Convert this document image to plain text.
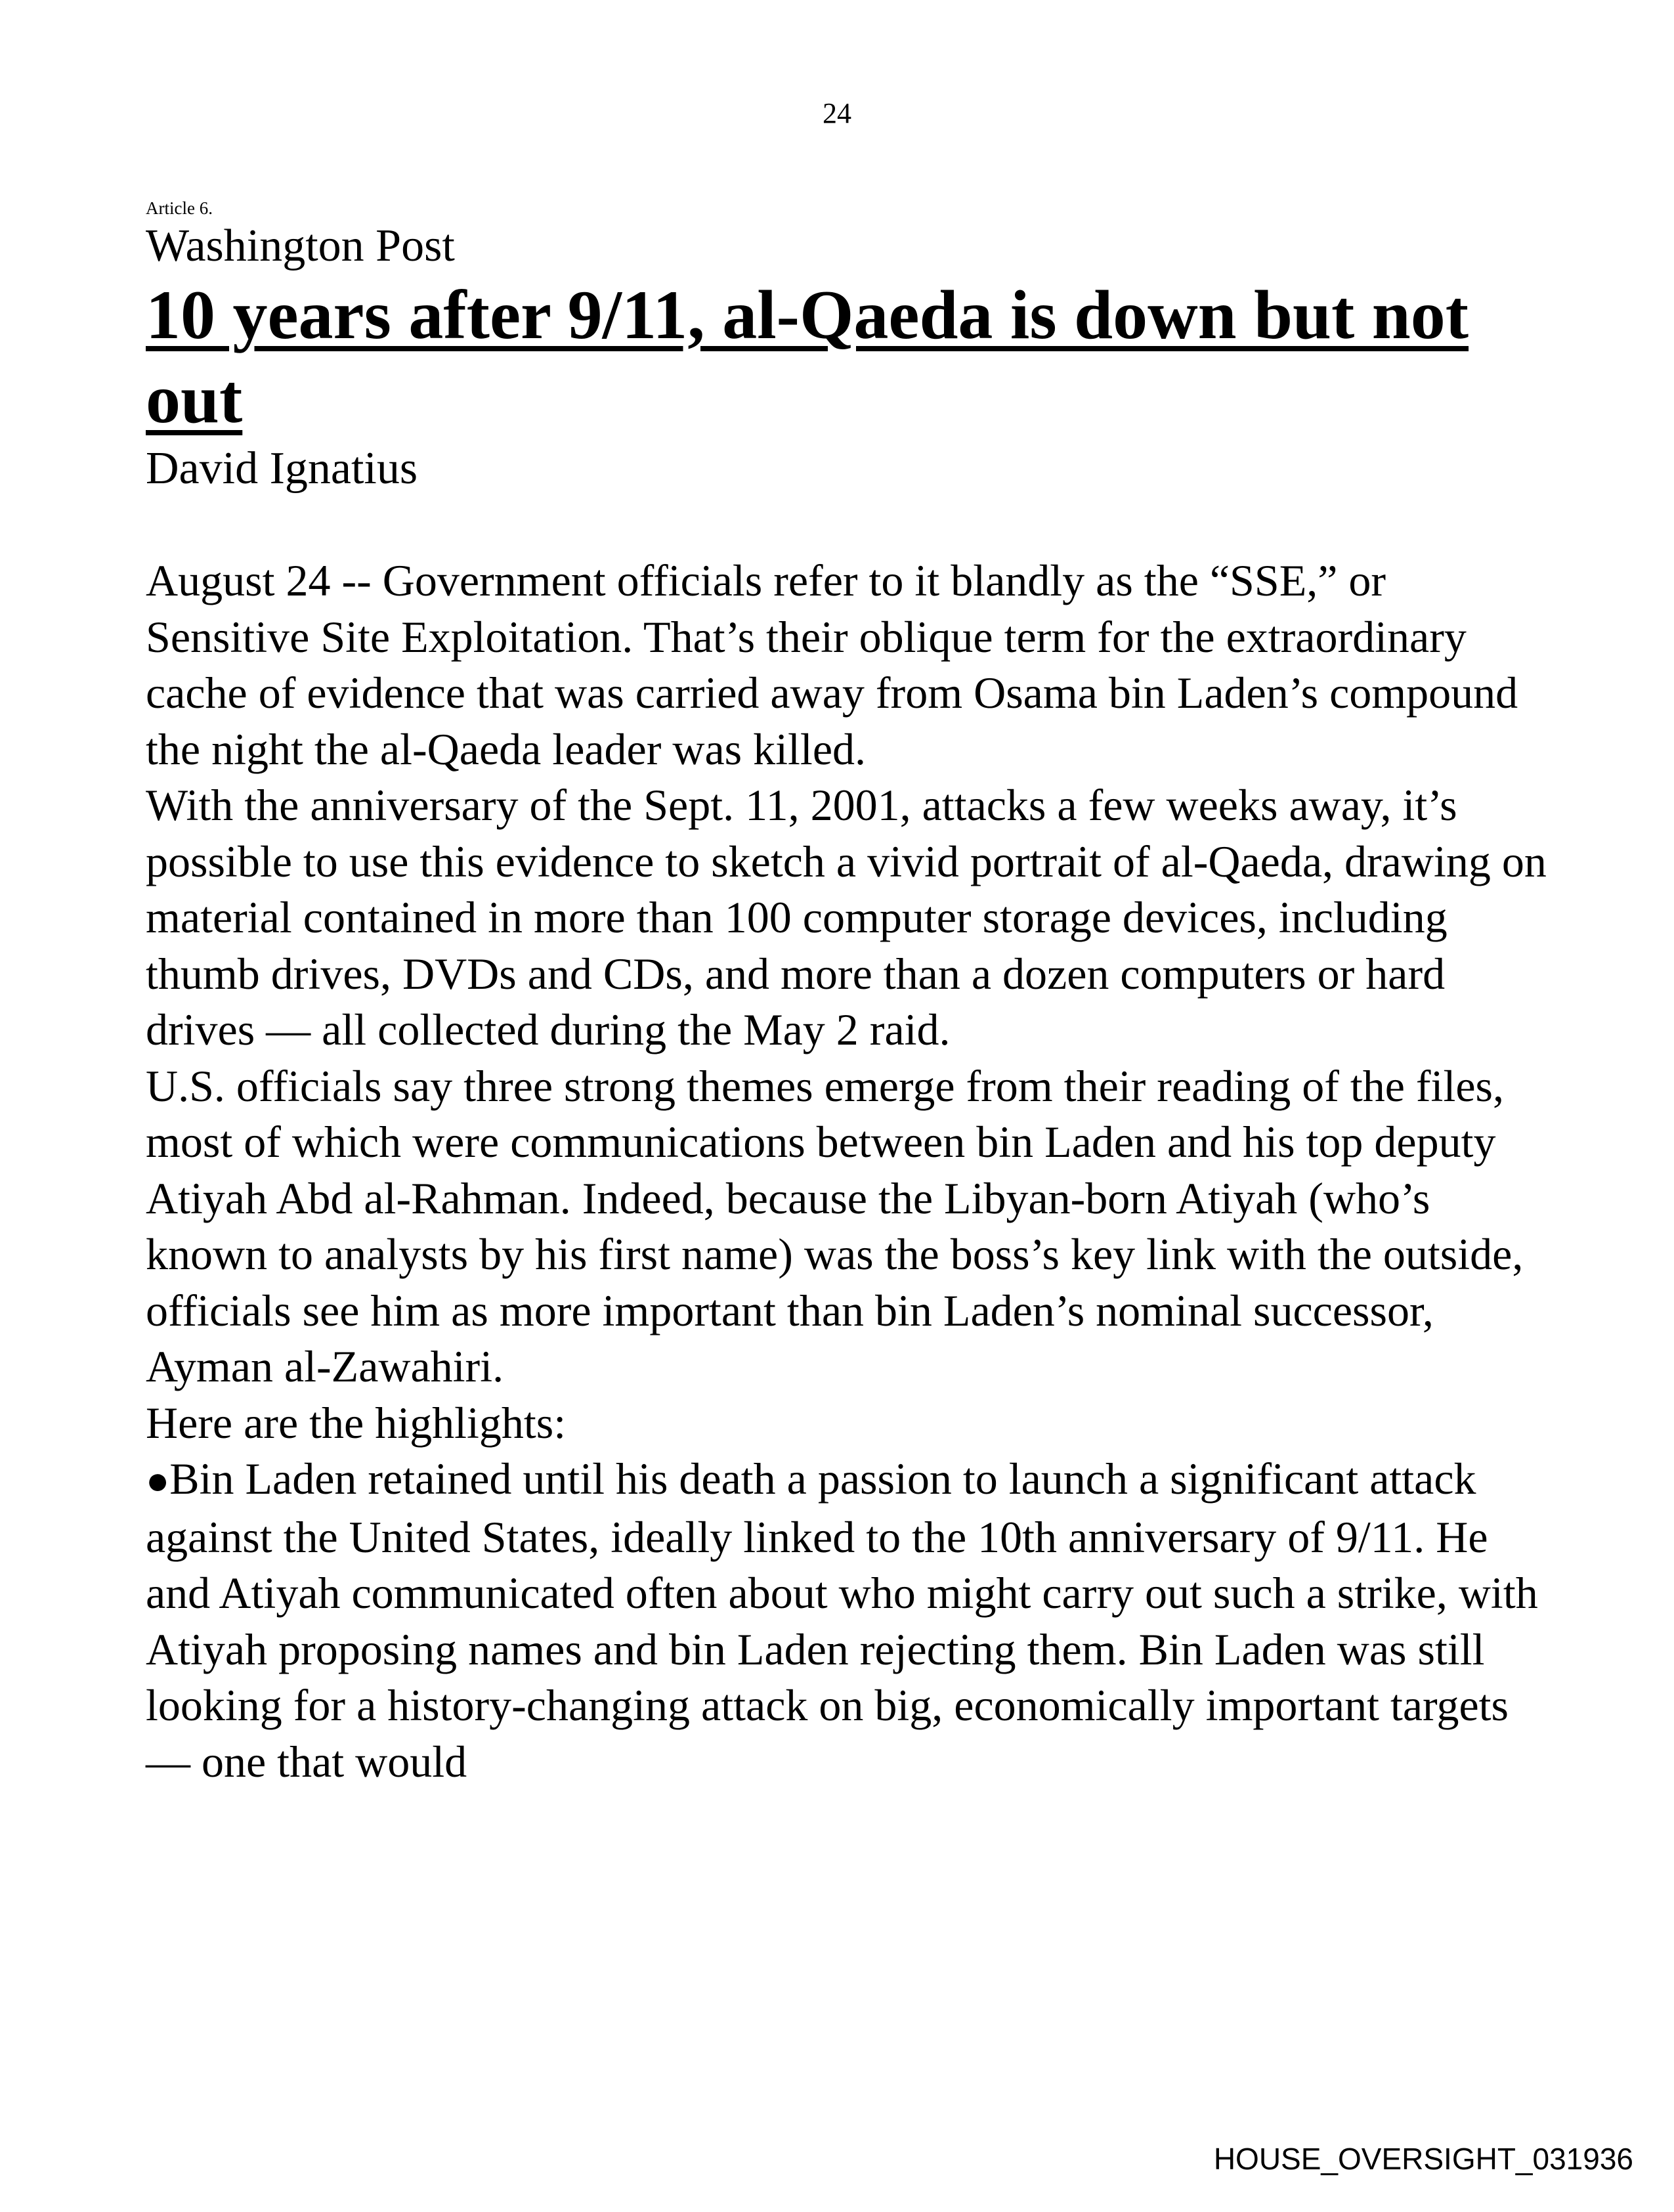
24

Article 6.

Washington Post

10 years after 9/11, al-Qaeda is down but not out

David Ignatius

August 24 -- Government officials refer to it blandly as the “SSE,” or Sensitive Site Exploitation. That’s their oblique term for the extraordinary cache of evidence that was carried away from Osama bin Laden’s compound the night the al-Qaeda leader was killed.

With the anniversary of the Sept. 11, 2001, attacks a few weeks away, it’s possible to use this evidence to sketch a vivid portrait of al-Qaeda, drawing on material contained in more than 100 computer storage devices, including thumb drives, DVDs and CDs, and more than a dozen computers or hard drives — all collected during the May 2 raid.

U.S. officials say three strong themes emerge from their reading of the files, most of which were communications between bin Laden and his top deputy Atiyah Abd al-Rahman. Indeed, because the Libyan-born Atiyah (who’s known to analysts by his first name) was the boss’s key link with the outside, officials see him as more important than bin Laden’s nominal successor, Ayman al-Zawahiri.

Here are the highlights:

●Bin Laden retained until his death a passion to launch a significant attack against the United States, ideally linked to the 10th anniversary of 9/11. He and Atiyah communicated often about who might carry out such a strike, with Atiyah proposing names and bin Laden rejecting them. Bin Laden was still looking for a history-changing attack on big, economically important targets — one that would

HOUSE_OVERSIGHT_031936
